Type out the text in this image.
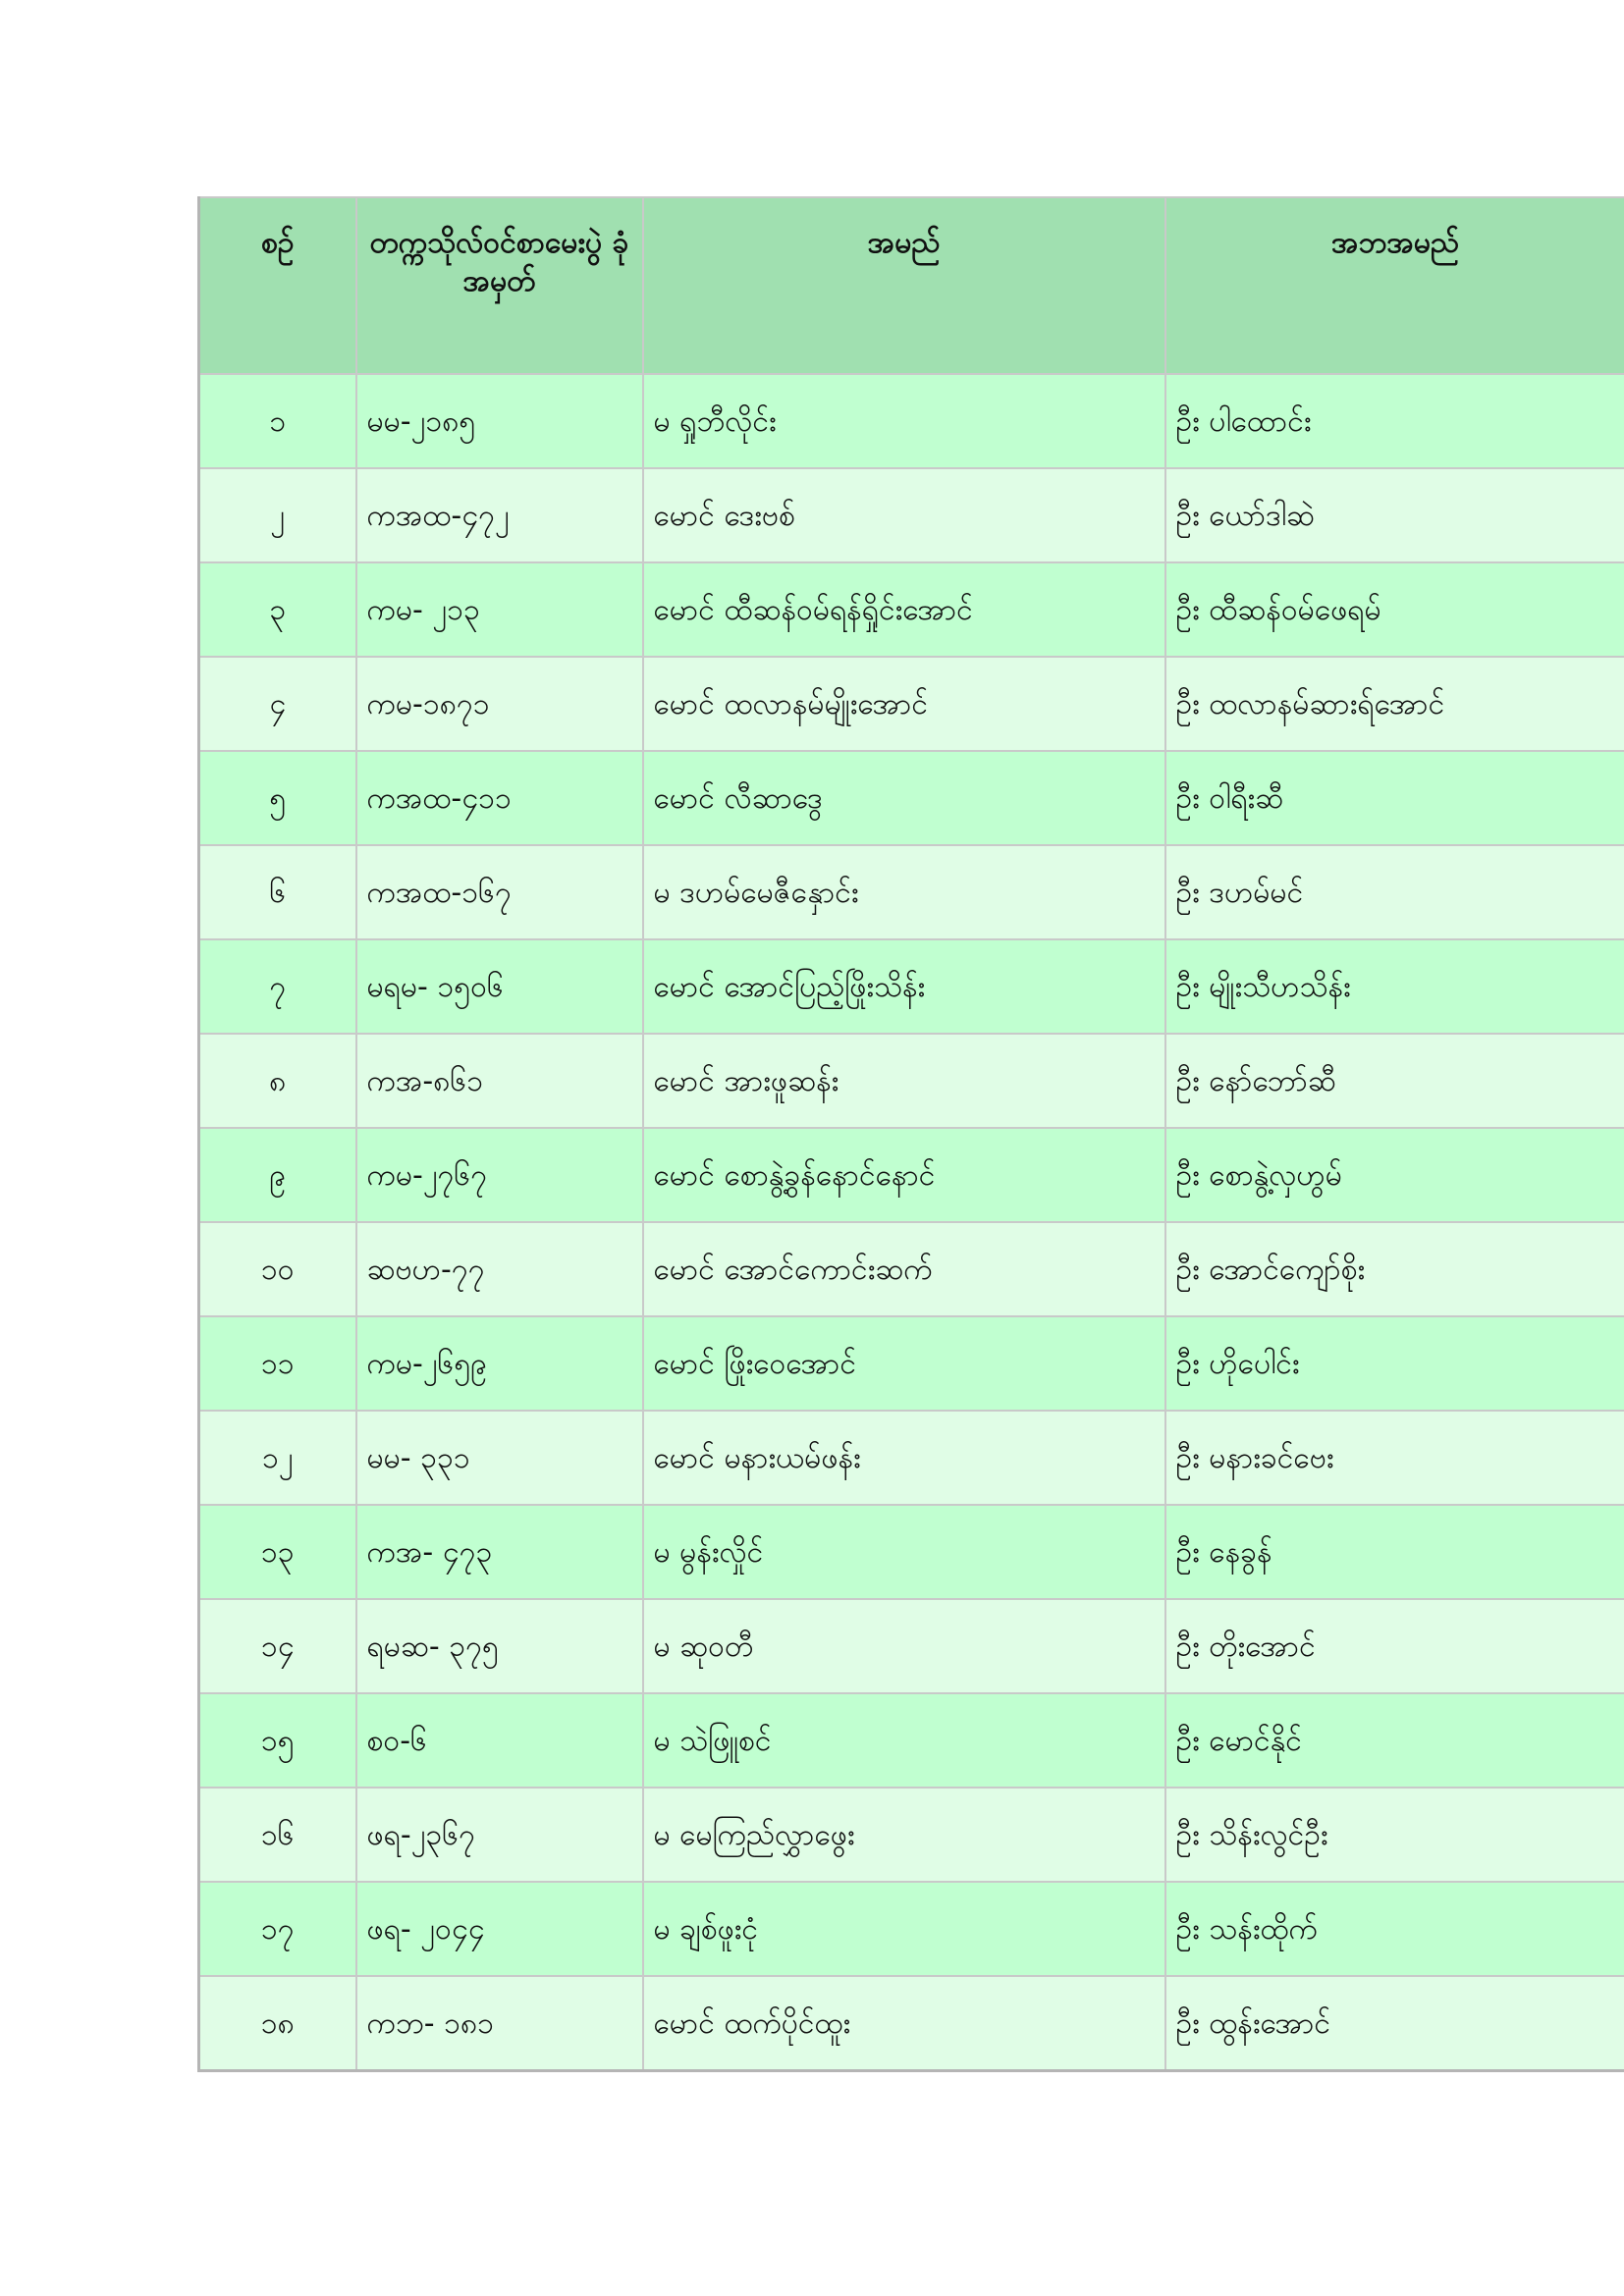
စဉ်	တက္ကသိုလ်ဝင်စာမေးပွဲ ခုံအမှတ်	အမည်	အဘအမည်
၁	မမ-၂၁၈၅	မ ရှုဘီလိုင်း	ဦး ပါထောင်း
၂	ကအထ-၄၇၂	မောင် ဒေးဗစ်	ဦး ယော်ဒါဆဲ
၃	ကမ- ၂၁၃	မောင် ထီဆန်ဝမ်ရန်ရှိုင်းအောင်	ဦး ထီဆန်ဝမ်ဖေရမ်
၄	ကမ-၁၈၇၁	မောင် ထလာနမ်မျိုးအောင်	ဦး ထလာနမ်ဆားရ်အောင်
၅	ကအထ-၄၁၁	မောင် လီဆာဒွေ	ဦး ဝါရီးဆီ
၆	ကအထ-၁၆၇	မ ဒဟမ်မေဇီနှောင်း	ဦး ဒဟမ်မင်
၇	မရမ- ၁၅၀၆	မောင် အောင်ပြည့်ဖြိုးသိန်း	ဦး မျိုးသီဟသိန်း
၈	ကအ-၈၆၁	မောင် အားဖူဆန်း	ဦး နော်ဘော်ဆီ
၉	ကမ-၂၇၆၇	မောင် စောနွဲ့ခွန်နောင်နောင်	ဦး စောနွဲ့လှဟွမ်
၁၀	ဆဗဟ-၇၇	မောင် အောင်ကောင်းဆက်	ဦး အောင်ကျော်စိုး
၁၁	ကမ-၂၆၅၉	မောင် ဖြိုးဝေအောင်	ဦး ဟိုပေါင်း
၁၂	မမ- ၃၃၁	မောင် မနားယမ်ဖန်း	ဦး မနားခင်ဗေး
၁၃	ကအ- ၄၇၃	မ မွန်းလှိုင်	ဦး နေခွန်
၁၄	ရမဆ- ၃၇၅	မ ဆုဝတီ	ဦး တိုးအောင်
၁၅	စဝ-၆	မ သဲဖြူစင်	ဦး မောင်နိုင်
၁၆	ဖရ-၂၃၆၇	မ မေကြည်လွှာဖွေး	ဦး သိန်းလွင်ဦး
၁၇	ဖရ- ၂၀၄၄	မ ချစ်ဖူးငုံ	ဦး သန်းထိုက်
၁၈	ကဘ- ၁၈၁	မောင် ထက်ပိုင်ထူး	ဦး ထွန်းအောင်
